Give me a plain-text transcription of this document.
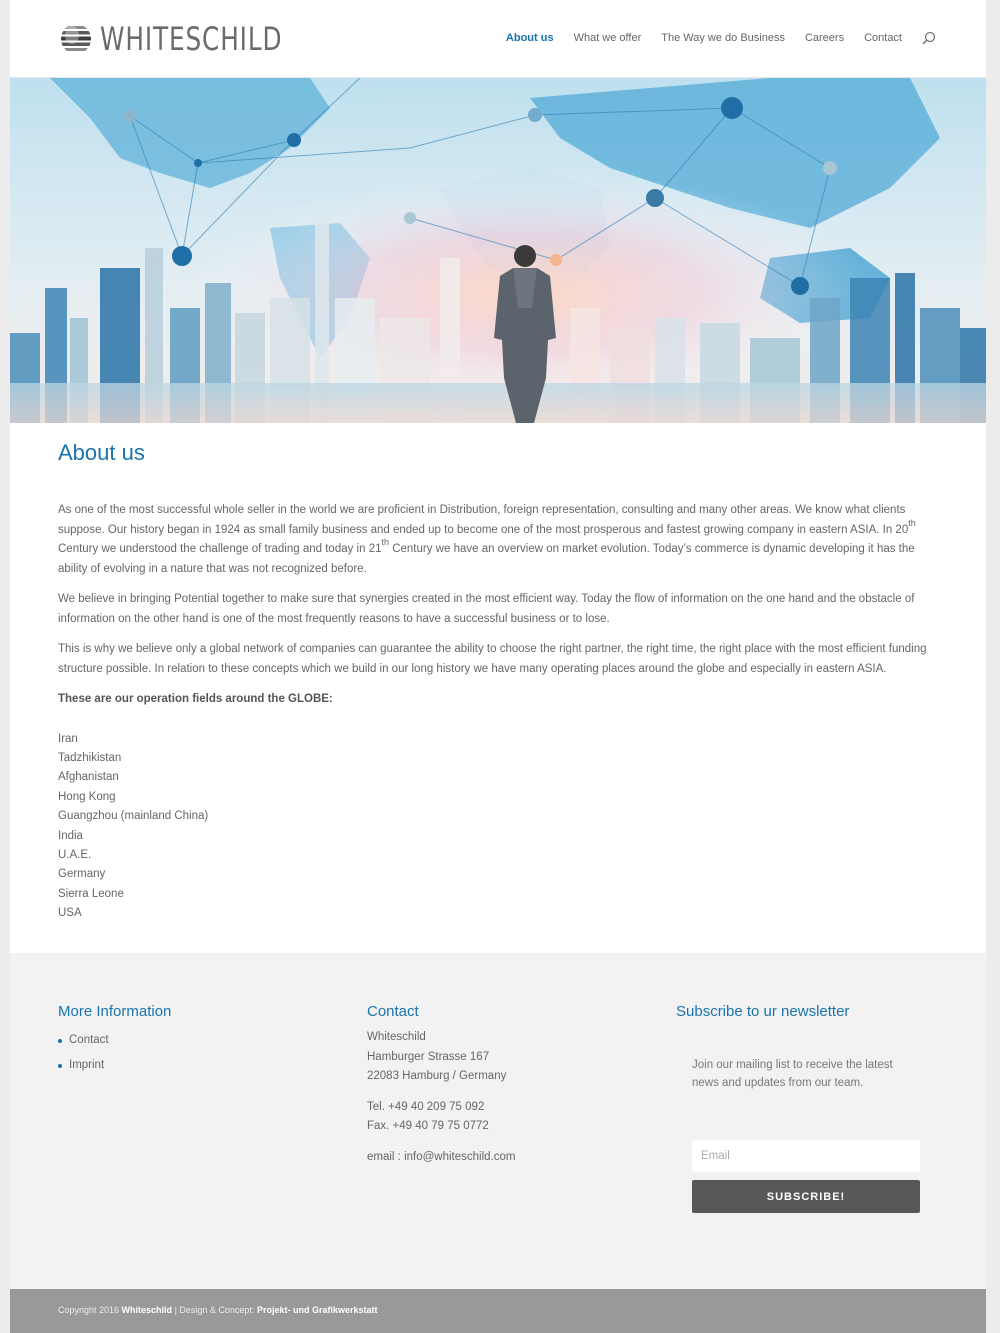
WHITESCHILD	About us What we offer The Way we do Business Careers Contact
About us

As one of the most successful whole seller in the world we are proficient in Distribution, foreign representation, consulting and many other areas. We know what clients suppose. Our history began in 1924 as small family business and ended up to become one of the most prosperous and fastest growing company in eastern ASIA. In 20th Century we understood the challenge of trading and today in 21th Century we have an overview on market evolution. Today’s commerce is dynamic developing it has the ability of evolving in a nature that was not recognized before.

We believe in bringing Potential together to make sure that synergies created in the most efficient way. Today the flow of information on the one hand and the obstacle of information on the other hand is one of the most frequently reasons to have a successful business or to lose.

This is why we believe only a global network of companies can guarantee the ability to choose the right partner, the right time, the right place with the most efficient funding structure possible. In relation to these concepts which we build in our long history we have many operating places around the globe and especially in eastern ASIA.

These are our operation fields around the GLOBE:

Iran
Tadzhikistan
Afghanistan
Hong Kong
Guangzhou (mainland China)
India
U.A.E.
Germany
Sierra Leone
USA
More Information
Contact
Imprint
Contact
Whiteschild
Hamburger Strasse 167
22083 Hamburg / Germany
Tel. +49 40 209 75 092
Fax. +49 40 79 75 0772
email : info@whiteschild.com
Subscribe to ur newsletter
Join our mailing list to receive the latest news and updates from our team.
Email
SUBSCRIBE!
Copyright 2016 Whiteschild | Design & Concept: Projekt- und Grafikwerkstatt
